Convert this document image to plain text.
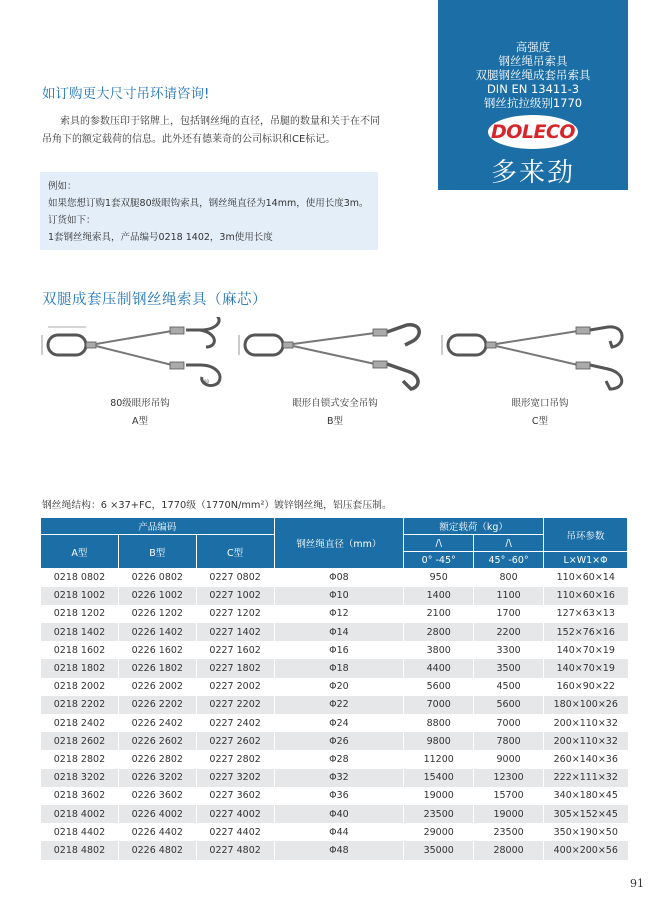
高强度
钢丝绳吊索具
双腿钢丝绳成套吊索具
DIN EN 13411-3
钢丝抗拉级别1770
DOLECO
多来劲
如订购更大尺寸吊环请咨询!
索具的参数压印于铭牌上，包括钢丝绳的直径，吊腿的数量和关于在不同吊角下的额定载荷的信息。此外还有德莱奇的公司标识和CE标记。
例如：
如果您想订购1套双腿80级眼钩索具，钢丝绳直径为14mm，使用长度3m。
订货如下：
1套钢丝绳索具，产品编号0218 1402，3m使用长度
双腿成套压制钢丝绳索具（麻芯）
80
80级眼形吊钩
A型
眼形自锁式安全吊钩
B型
眼形宽口吊钩
C型
钢丝绳结构：6 ×37+FC，1770级（1770N/mm²）镀锌钢丝绳，铝压套压制。
产品编码			钢丝绳直径（mm）	额定载荷（kg）		吊环参数
A型	B型	C型		/\	/\	
				0° -45°	45° -60°	L×W1×Φ
0218 0802	0226 0802	0227 0802	Φ08	950	800	110×60×14
0218 1002	0226 1002	0227 1002	Φ10	1400	1100	110×60×16
0218 1202	0226 1202	0227 1202	Φ12	2100	1700	127×63×13
0218 1402	0226 1402	0227 1402	Φ14	2800	2200	152×76×16
0218 1602	0226 1602	0227 1602	Φ16	3800	3300	140×70×19
0218 1802	0226 1802	0227 1802	Φ18	4400	3500	140×70×19
0218 2002	0226 2002	0227 2002	Φ20	5600	4500	160×90×22
0218 2202	0226 2202	0227 2202	Φ22	7000	5600	180×100×26
0218 2402	0226 2402	0227 2402	Φ24	8800	7000	200×110×32
0218 2602	0226 2602	0227 2602	Φ26	9800	7800	200×110×32
0218 2802	0226 2802	0227 2802	Φ28	11200	9000	260×140×36
0218 3202	0226 3202	0227 3202	Φ32	15400	12300	222×111×32
0218 3602	0226 3602	0227 3602	Φ36	19000	15700	340×180×45
0218 4002	0226 4002	0227 4002	Φ40	23500	19000	305×152×45
0218 4402	0226 4402	0227 4402	Φ44	29000	23500	350×190×50
0218 4802	0226 4802	0227 4802	Φ48	35000	28000	400×200×56
91
